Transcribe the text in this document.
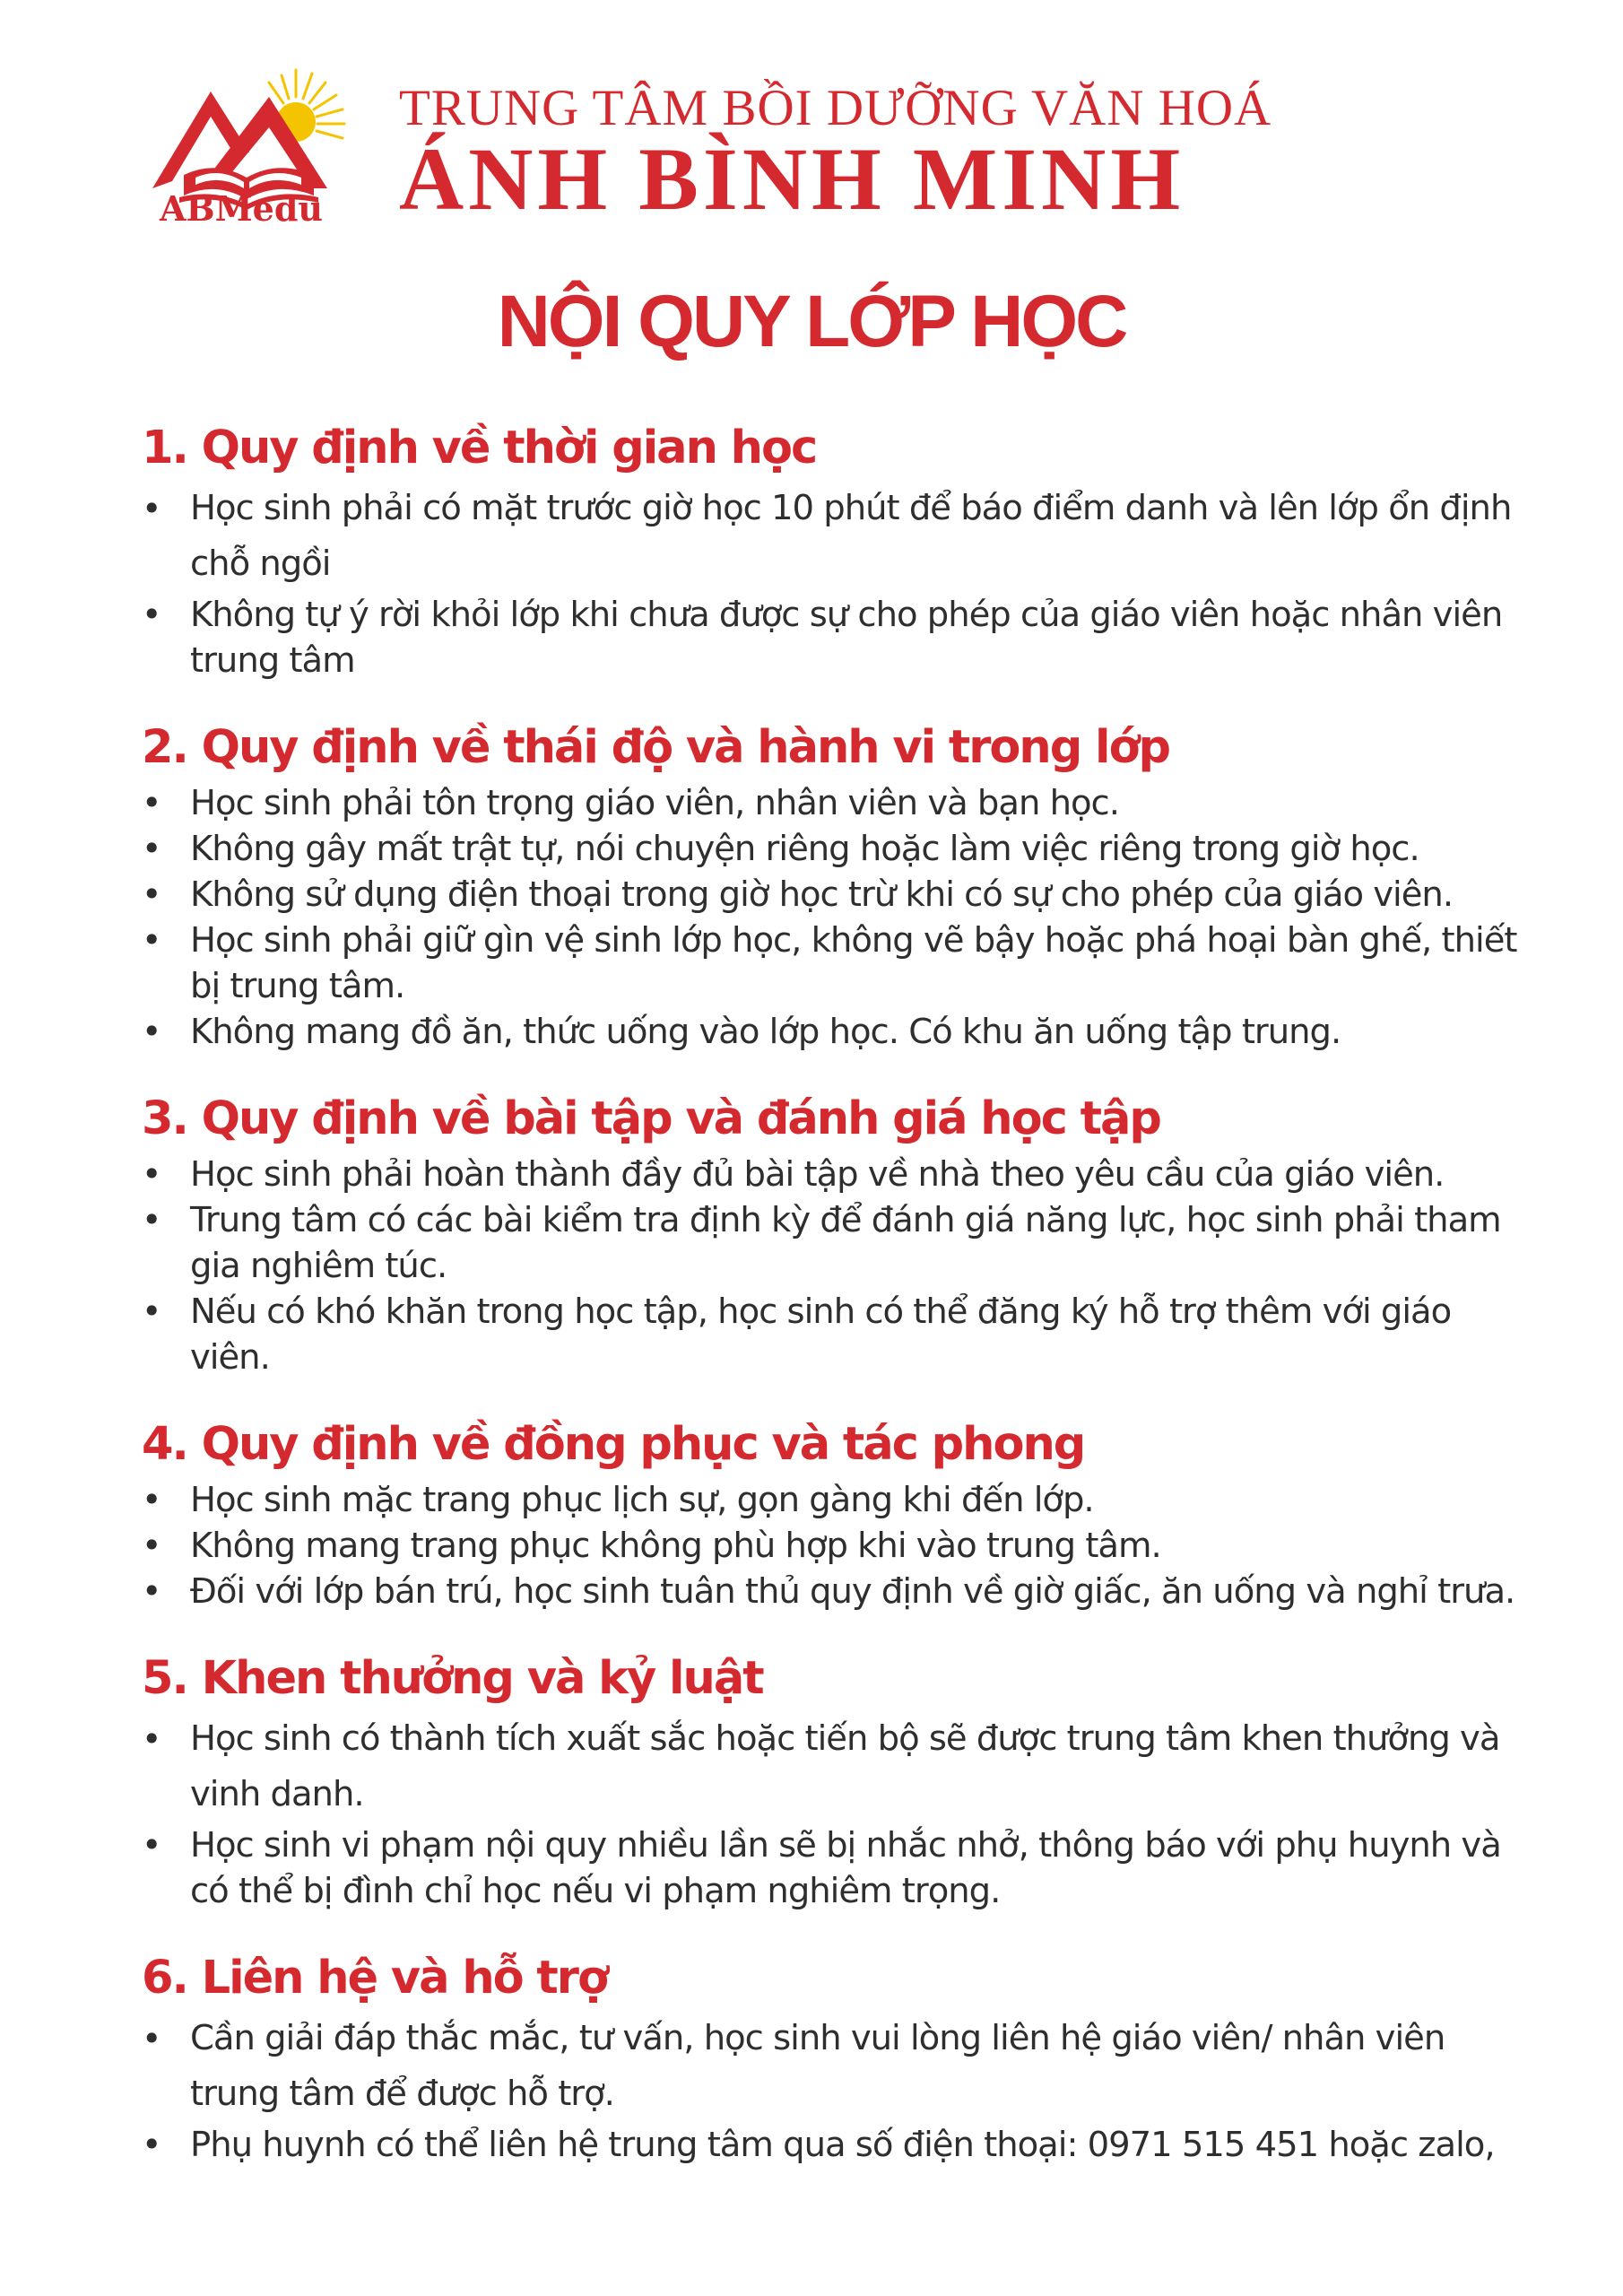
ABMedu
TRUNG TÂM BỒI DƯỠNG VĂN HOÁ
ÁNH BÌNH MINH
NỘI QUY LỚP HỌC
1. Quy định về thời gian học
• Học sinh phải có mặt trước giờ học 10 phút để báo điểm danh và lên lớp ổn định chỗ ngồi
• Không tự ý rời khỏi lớp khi chưa được sự cho phép của giáo viên hoặc nhân viên trung tâm
2. Quy định về thái độ và hành vi trong lớp
• Học sinh phải tôn trọng giáo viên, nhân viên và bạn học.
• Không gây mất trật tự, nói chuyện riêng hoặc làm việc riêng trong giờ học.
• Không sử dụng điện thoại trong giờ học trừ khi có sự cho phép của giáo viên.
• Học sinh phải giữ gìn vệ sinh lớp học, không vẽ bậy hoặc phá hoại bàn ghế, thiết bị trung tâm.
• Không mang đồ ăn, thức uống vào lớp học. Có khu ăn uống tập trung.
3. Quy định về bài tập và đánh giá học tập
• Học sinh phải hoàn thành đầy đủ bài tập về nhà theo yêu cầu của giáo viên.
• Trung tâm có các bài kiểm tra định kỳ để đánh giá năng lực, học sinh phải tham gia nghiêm túc.
• Nếu có khó khăn trong học tập, học sinh có thể đăng ký hỗ trợ thêm với giáo viên.
4. Quy định về đồng phục và tác phong
• Học sinh mặc trang phục lịch sự, gọn gàng khi đến lớp.
• Không mang trang phục không phù hợp khi vào trung tâm.
• Đối với lớp bán trú, học sinh tuân thủ quy định về giờ giấc, ăn uống và nghỉ trưa.
5. Khen thưởng và kỷ luật
• Học sinh có thành tích xuất sắc hoặc tiến bộ sẽ được trung tâm khen thưởng và vinh danh.
• Học sinh vi phạm nội quy nhiều lần sẽ bị nhắc nhở, thông báo với phụ huynh và có thể bị đình chỉ học nếu vi phạm nghiêm trọng.
6. Liên hệ và hỗ trợ
• Cần giải đáp thắc mắc, tư vấn, học sinh vui lòng liên hệ giáo viên/ nhân viên trung tâm để được hỗ trợ.
• Phụ huynh có thể liên hệ trung tâm qua số điện thoại: 0971 515 451 hoặc zalo,
